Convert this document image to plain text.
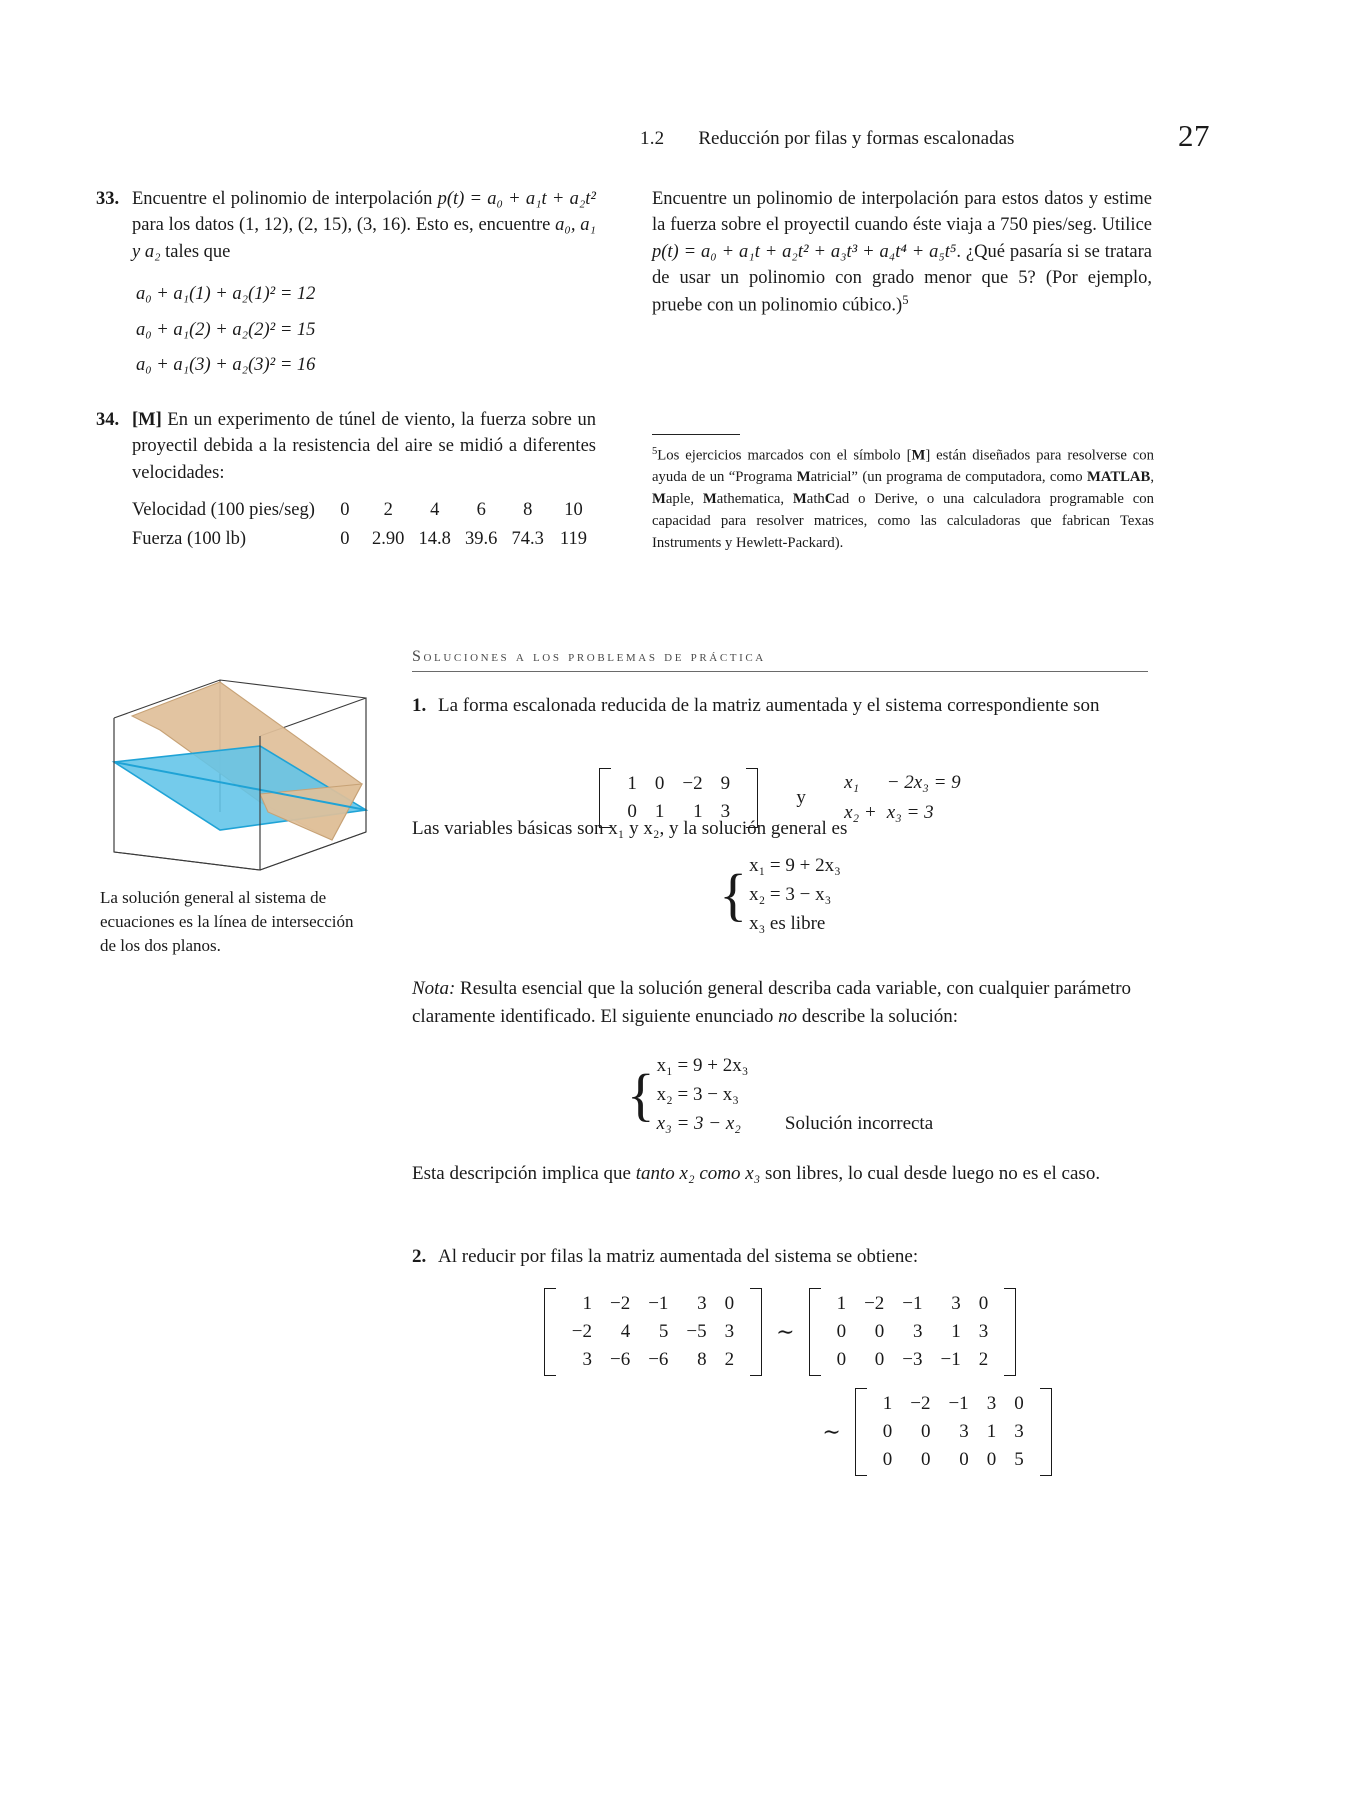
1.2 Reducción por filas y formas escalonadas	27
33. Encuentre el polinomio de interpolación p(t) = a₀ + a₁t + a₂t² para los datos (1, 12), (2, 15), (3, 16). Esto es, encuentre a₀, a₁ y a₂ tales que
a₀ + a₁(1) + a₂(1)² = 12
a₀ + a₁(2) + a₂(2)² = 15
a₀ + a₁(3) + a₂(3)² = 16
34. [M] En un experimento de túnel de viento, la fuerza sobre un proyectil debida a la resistencia del aire se midió a diferentes velocidades:
Velocidad (100 pies/seg)	0	2	4	6	8	10
Fuerza (100 lb)	0	2.90	14.8	39.6	74.3	119
Encuentre un polinomio de interpolación para estos datos y estime la fuerza sobre el proyectil cuando éste viaja a 750 pies/seg. Utilice p(t) = a₀ + a₁t + a₂t² + a₃t³ + a₄t⁴ + a₅t⁵. ¿Qué pasaría si se tratara de usar un polinomio con grado menor que 5? (Por ejemplo, pruebe con un polinomio cúbico.)$^5$
$^5$Los ejercicios marcados con el símbolo [M] están diseñados para resolverse con ayuda de un “Programa Matricial” (un programa de computadora, como MATLAB, Maple, Mathematica, MathCad o Derive, o una calculadora programable con capacidad para resolver matrices, como las calculadoras que fabrican Texas Instruments y Hewlett-Packard).
Soluciones a los problemas de práctica
La solución general al sistema de ecuaciones es la línea de intersección de los dos planos.
1. La forma escalonada reducida de la matriz aumentada y el sistema correspondiente son
1 0 −2 9
0 1	1 3
y
x₁ − 2x₃ = 9
x₂ + x₃ = 3
Las variables básicas son x₁ y x₂, y la solución general es
{ x₁ = 9 + 2x₃
x₂ = 3 − x₃
x₃ es libre
Nota: Resulta esencial que la solución general describa cada variable, con cualquier parámetro claramente identificado. El siguiente enunciado no describe la solución:
{ x₁ = 9 + 2x₃
x₂ = 3 − x₃
x₃ = 3 − x₂ Solución incorrecta
Esta descripción implica que tanto x₂ como x₃ son libres, lo cual desde luego no es el caso.
2. Al reducir por filas la matriz aumentada del sistema se obtiene:
1 −2 −1	3 0
−2	4	5 −5 3
3 −6 −6	8 2
∼
1 −2 −1	3 0
0	0	3	1 3
0	0 −3 −1 2
∼
1 −2 −1 3 0
0	0	3 1 3
0	0	0 0 5
